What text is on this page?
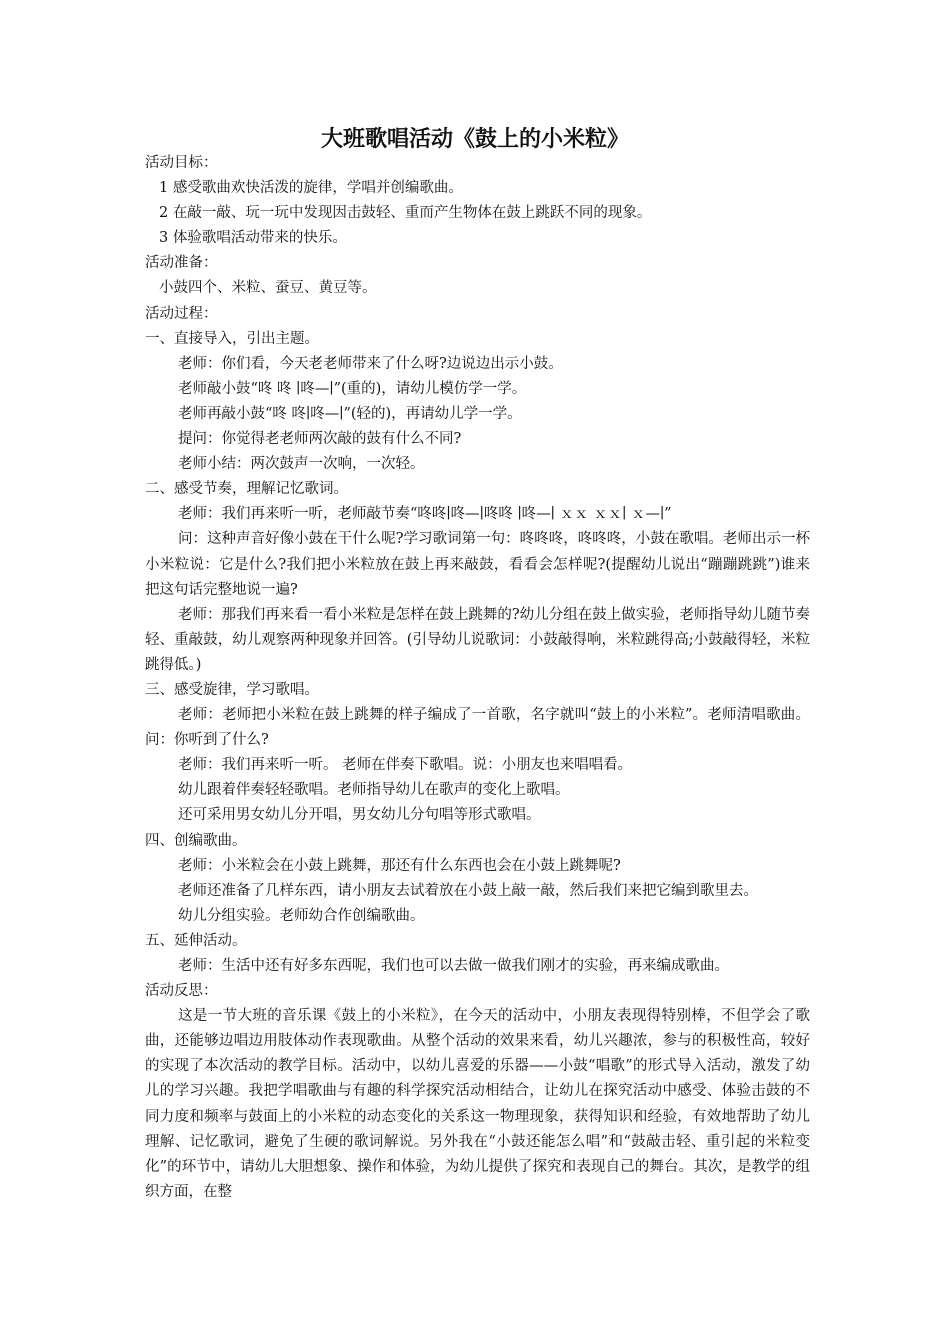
大班歌唱活动《鼓上的小米粒》
活动目标：
1 感受歌曲欢快活泼的旋律，学唱并创编歌曲。
2 在敲一敲、玩一玩中发现因击鼓轻、重而产生物体在鼓上跳跃不同的现象。
3 体验歌唱活动带来的快乐。
活动准备：
小鼓四个、米粒、蚕豆、黄豆等。
活动过程：
一、直接导入，引出主题。
老师：你们看，今天老老师带来了什么呀?边说边出示小鼓。
老师敲小鼓“咚 咚 ∣咚—∣”(重的)，请幼儿模仿学一学。
老师再敲小鼓“咚 咚∣咚—∣”(轻的)，再请幼儿学一学。
提问：你觉得老老师两次敲的鼓有什么不同?
老师小结：两次鼓声一次响，一次轻。
二、感受节奏，理解记忆歌词。
老师：我们再来听一听，老师敲节奏“咚咚∣咚—∣咚咚 ∣咚—∣ ｘｘ ｘｘ∣ ｘ—∣”
问：这种声音好像小鼓在干什么呢?学习歌词第一句：咚咚咚，咚咚咚，小鼓在歌唱。老师出示一杯小米粒说：它是什么?我们把小米粒放在鼓上再来敲鼓，看看会怎样呢?(提醒幼儿说出“蹦蹦跳跳”)谁来把这句话完整地说一遍?
老师：那我们再来看一看小米粒是怎样在鼓上跳舞的?幼儿分组在鼓上做实验，老师指导幼儿随节奏轻、重敲鼓，幼儿观察两种现象并回答。(引导幼儿说歌词：小鼓敲得响，米粒跳得高;小鼓敲得轻，米粒跳得低。)
三、感受旋律，学习歌唱。
老师：老师把小米粒在鼓上跳舞的样子编成了一首歌，名字就叫“鼓上的小米粒”。老师清唱歌曲。问：你听到了什么?
老师：我们再来听一听。 老师在伴奏下歌唱。说：小朋友也来唱唱看。
幼儿跟着伴奏轻轻歌唱。老师指导幼儿在歌声的变化上歌唱。
还可采用男女幼儿分开唱，男女幼儿分句唱等形式歌唱。
四、创编歌曲。
老师：小米粒会在小鼓上跳舞，那还有什么东西也会在小鼓上跳舞呢?
老师还准备了几样东西，请小朋友去试着放在小鼓上敲一敲，然后我们来把它编到歌里去。
幼儿分组实验。老师幼合作创编歌曲。
五、延伸活动。
老师：生活中还有好多东西呢，我们也可以去做一做我们刚才的实验，再来编成歌曲。
活动反思：
这是一节大班的音乐课《鼓上的小米粒》，在今天的活动中，小朋友表现得特别棒，不但学会了歌曲，还能够边唱边用肢体动作表现歌曲。从整个活动的效果来看，幼儿兴趣浓，参与的积极性高，较好的实现了本次活动的教学目标。活动中，以幼儿喜爱的乐器——小鼓“唱歌”的形式导入活动，激发了幼儿的学习兴趣。我把学唱歌曲与有趣的科学探究活动相结合，让幼儿在探究活动中感受、体验击鼓的不同力度和频率与鼓面上的小米粒的动态变化的关系这一物理现象，获得知识和经验，有效地帮助了幼儿理解、记忆歌词，避免了生硬的歌词解说。另外我在“小鼓还能怎么唱”和“鼓敲击轻、重引起的米粒变化”的环节中，请幼儿大胆想象、操作和体验，为幼儿提供了探究和表现自己的舞台。其次，是教学的组织方面，在整
